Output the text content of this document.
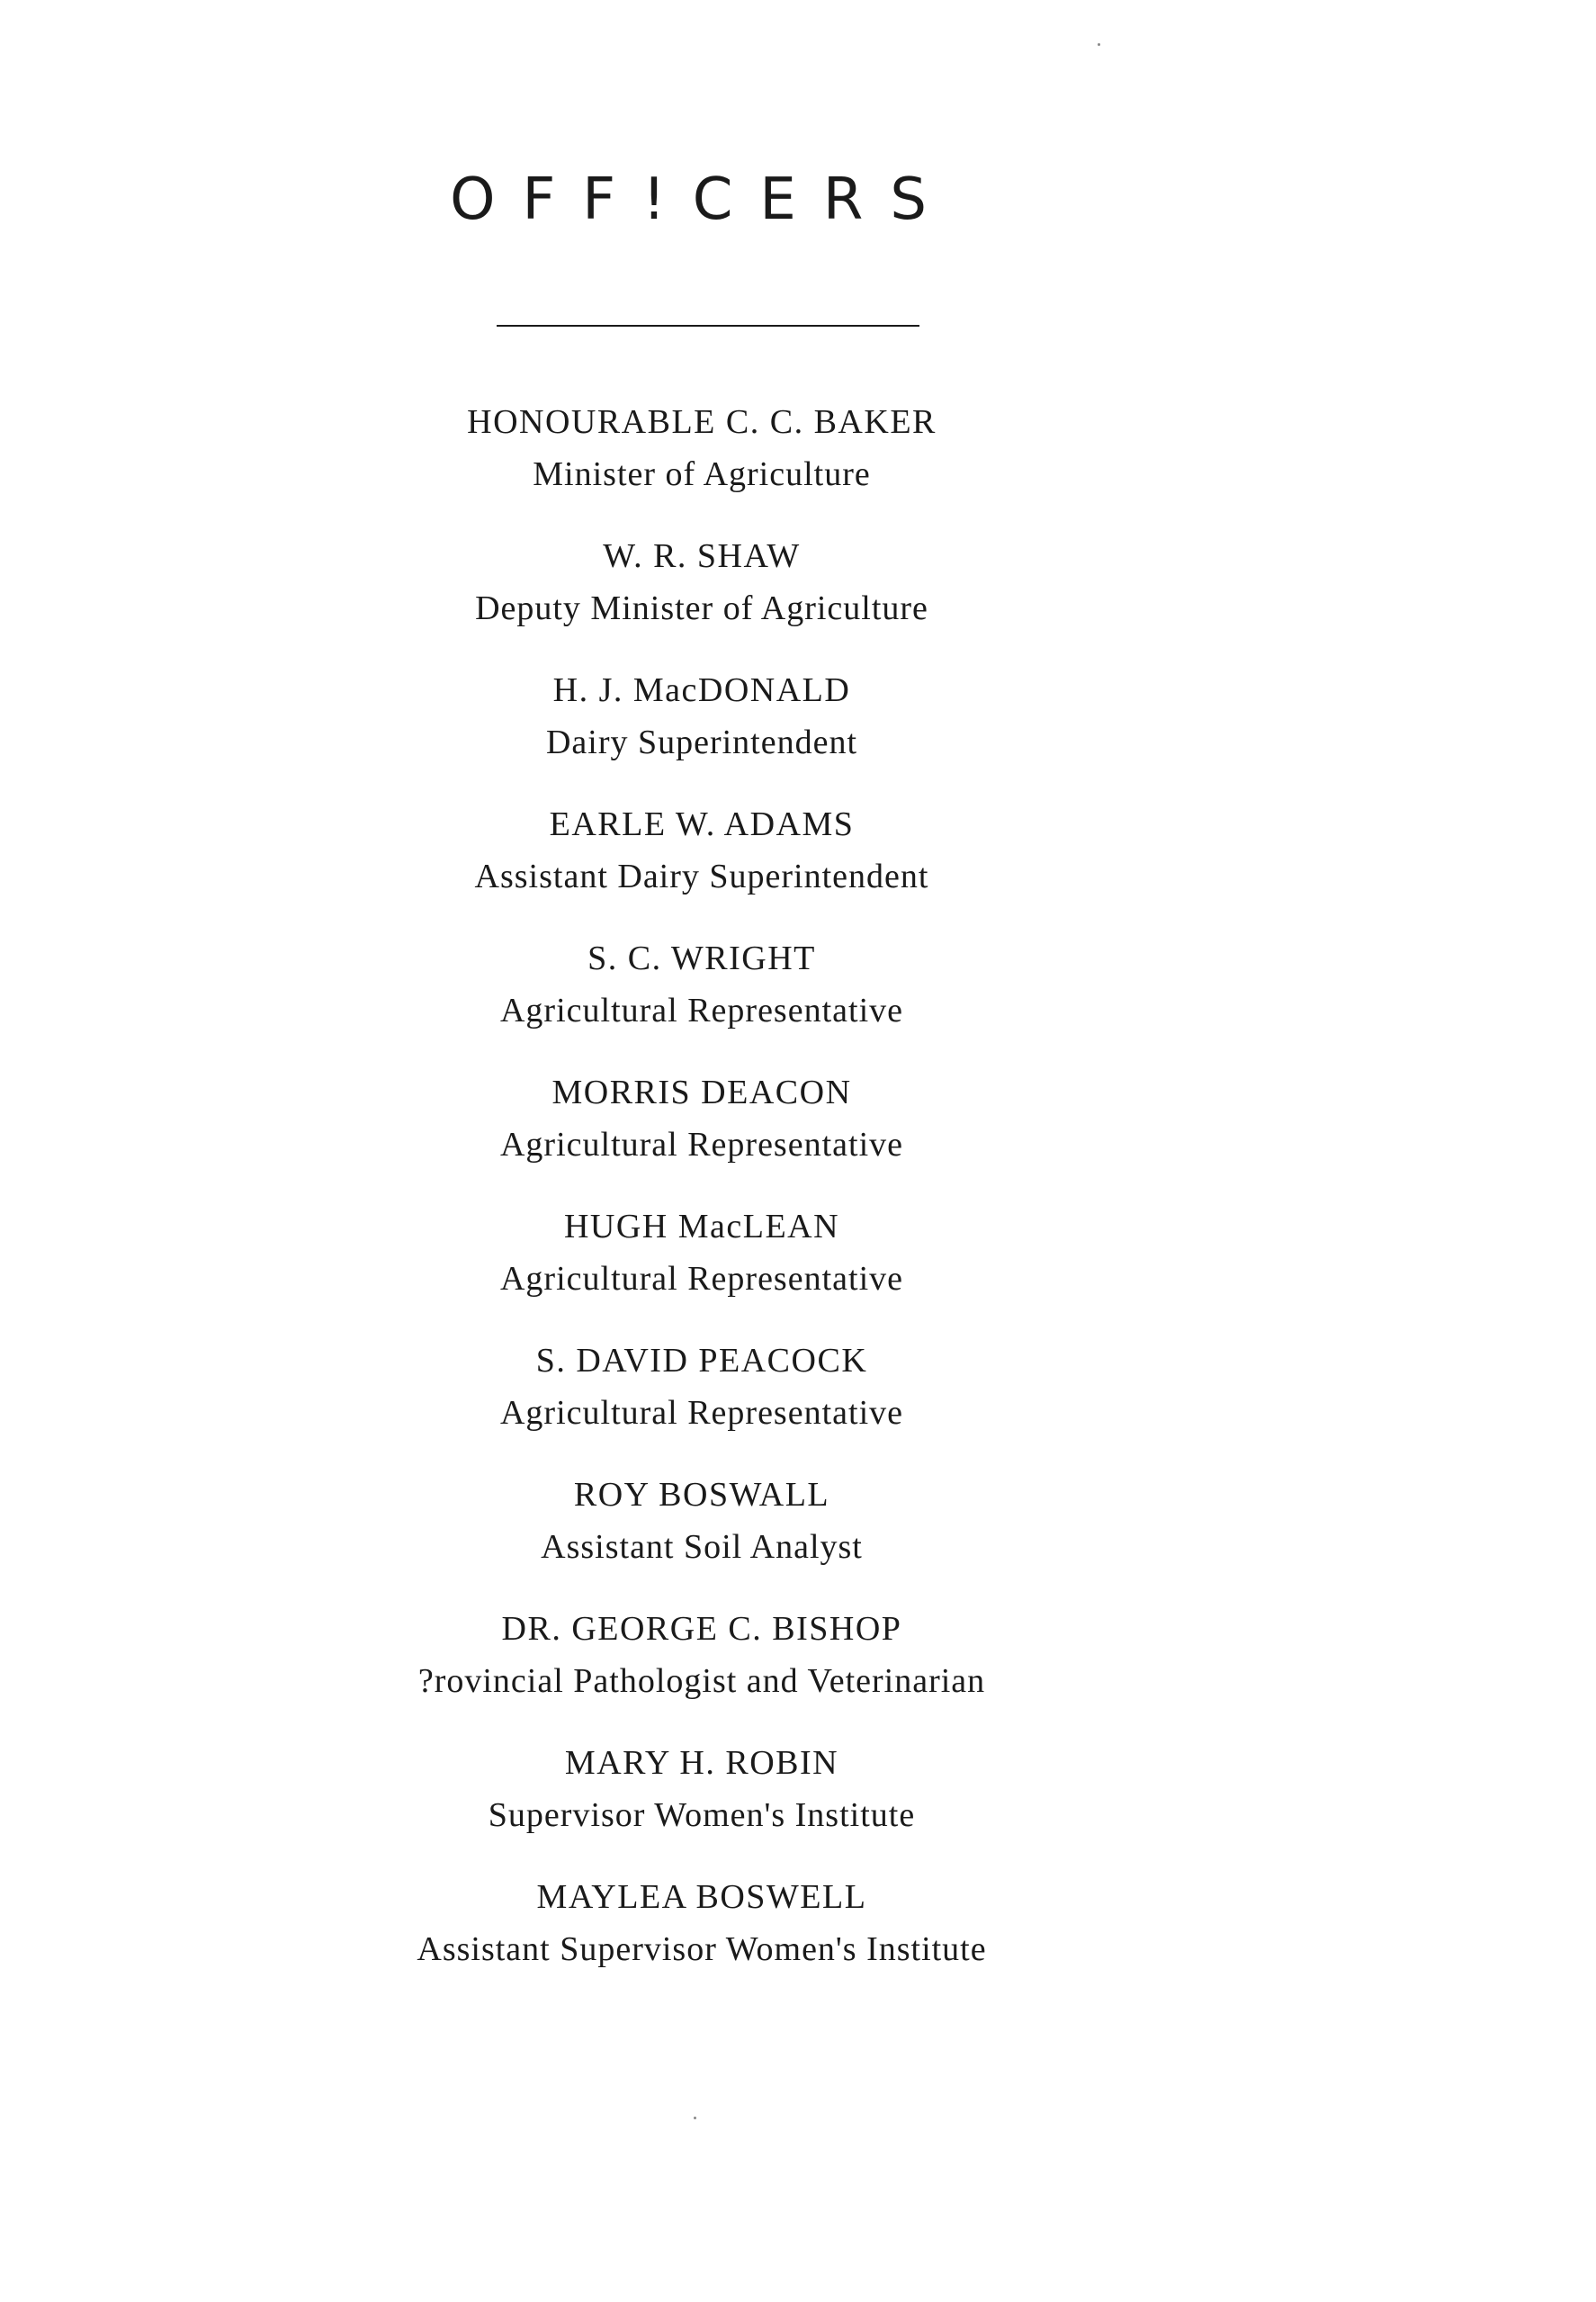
OFF!CERS
HONOURABLE C. C. BAKER
Minister of Agriculture
W. R. SHAW
Deputy Minister of Agriculture
H. J. MacDONALD
Dairy Superintendent
EARLE W. ADAMS
Assistant Dairy Superintendent
S. C. WRIGHT
Agricultural Representative
MORRIS DEACON
Agricultural Representative
HUGH MacLEAN
Agricultural Representative
S. DAVID PEACOCK
Agricultural Representative
ROY BOSWALL
Assistant Soil Analyst
DR. GEORGE C. BISHOP
?rovincial Pathologist and Veterinarian
MARY H. ROBIN
Supervisor Women's Institute
MAYLEA BOSWELL
Assistant Supervisor Women's Institute
